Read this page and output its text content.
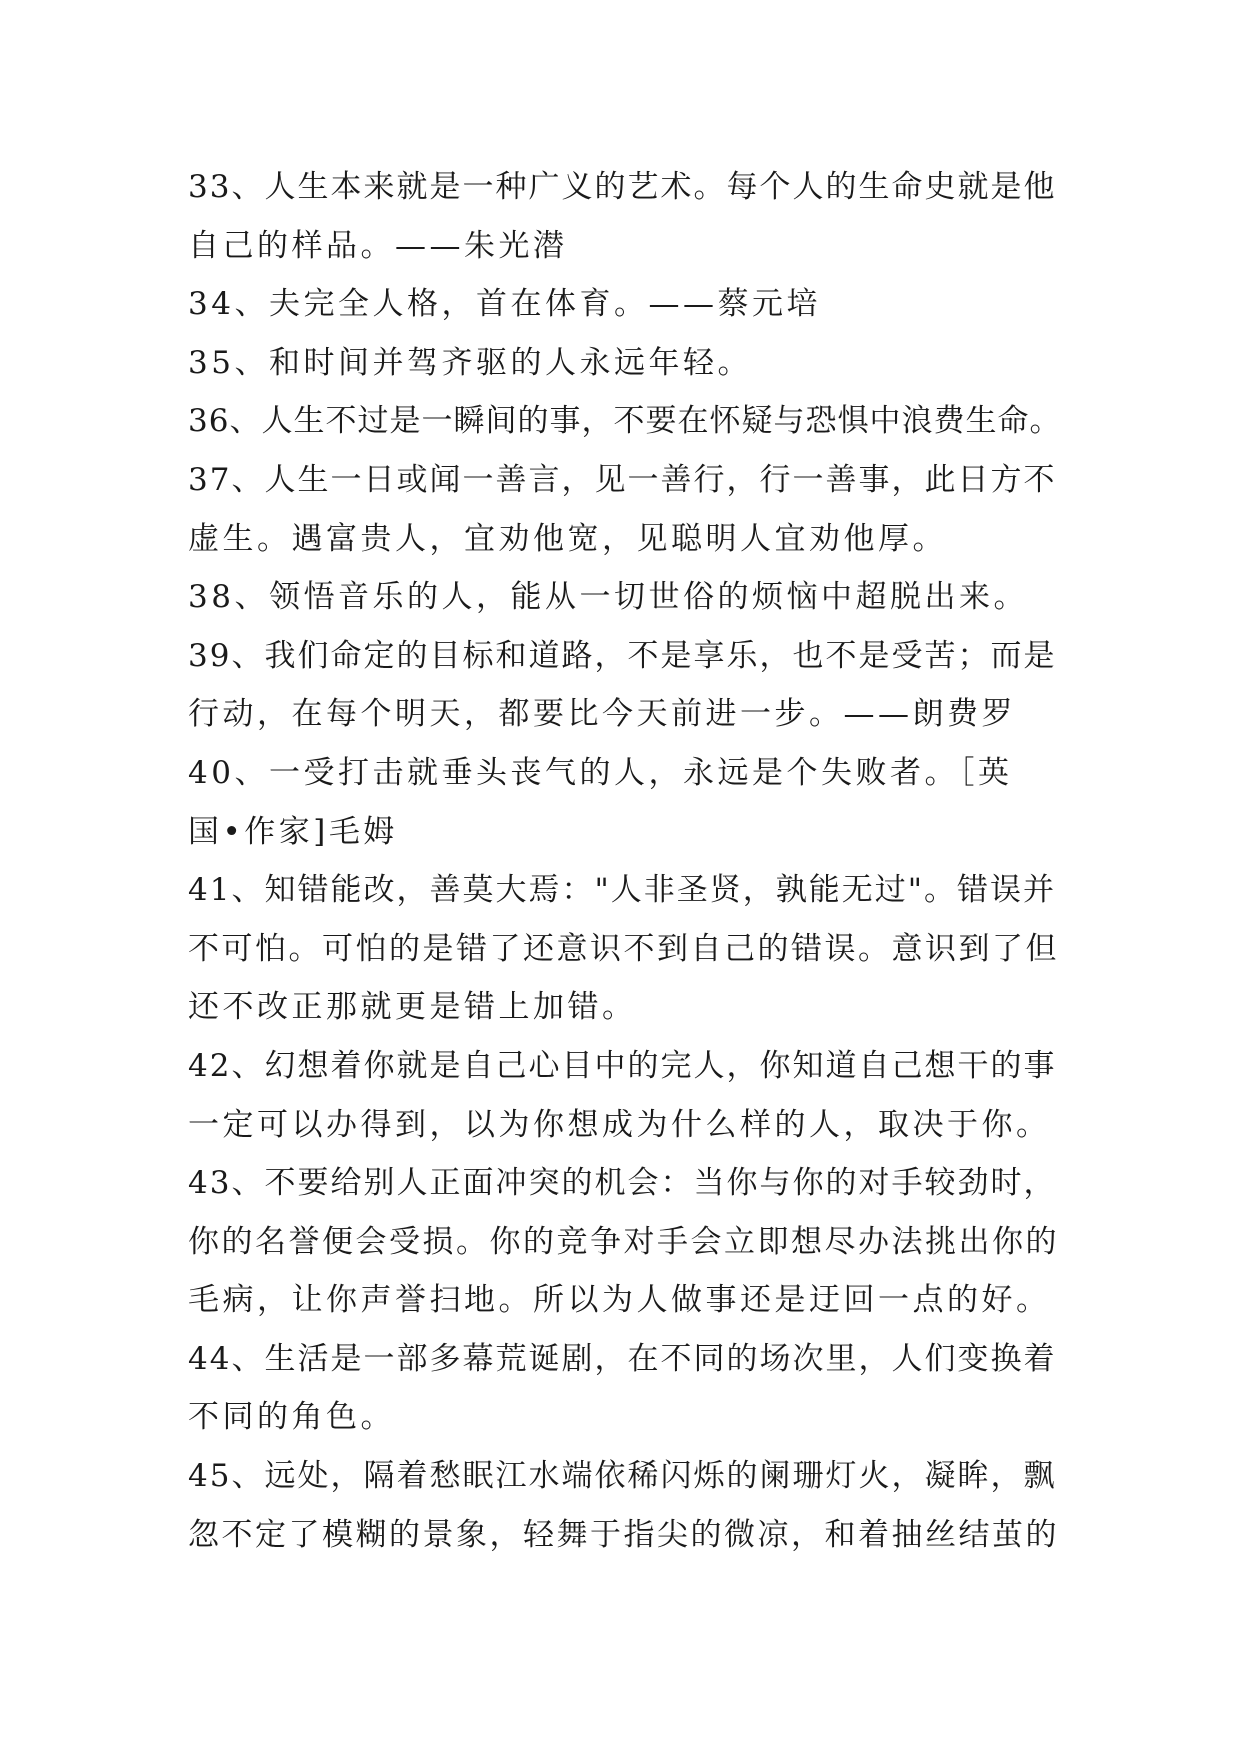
33、人生本来就是一种广义的艺术。每个人的生命史就是他
自己的样品。——朱光潜
34、夫完全人格，首在体育。——蔡元培
35、和时间并驾齐驱的人永远年轻。
36、人生不过是一瞬间的事，不要在怀疑与恐惧中浪费生命。
37、人生一日或闻一善言，见一善行，行一善事，此日方不
虚生。遇富贵人，宜劝他宽，见聪明人宜劝他厚。
38、领悟音乐的人，能从一切世俗的烦恼中超脱出来。
39、我们命定的目标和道路，不是享乐，也不是受苦；而是
行动，在每个明天，都要比今天前进一步。——朗费罗
40、一受打击就垂头丧气的人，永远是个失败者。［英
国•作家]毛姆
41、知错能改，善莫大焉："人非圣贤，孰能无过"。错误并
不可怕。可怕的是错了还意识不到自己的错误。意识到了但
还不改正那就更是错上加错。
42、幻想着你就是自己心目中的完人，你知道自己想干的事
一定可以办得到，以为你想成为什么样的人，取决于你。
43、不要给别人正面冲突的机会：当你与你的对手较劲时，
你的名誉便会受损。你的竞争对手会立即想尽办法挑出你的
毛病，让你声誉扫地。所以为人做事还是迂回一点的好。
44、生活是一部多幕荒诞剧，在不同的场次里，人们变换着
不同的角色。
45、远处，隔着愁眠江水端依稀闪烁的阑珊灯火，凝眸，飘
忽不定了模糊的景象，轻舞于指尖的微凉，和着抽丝结茧的
